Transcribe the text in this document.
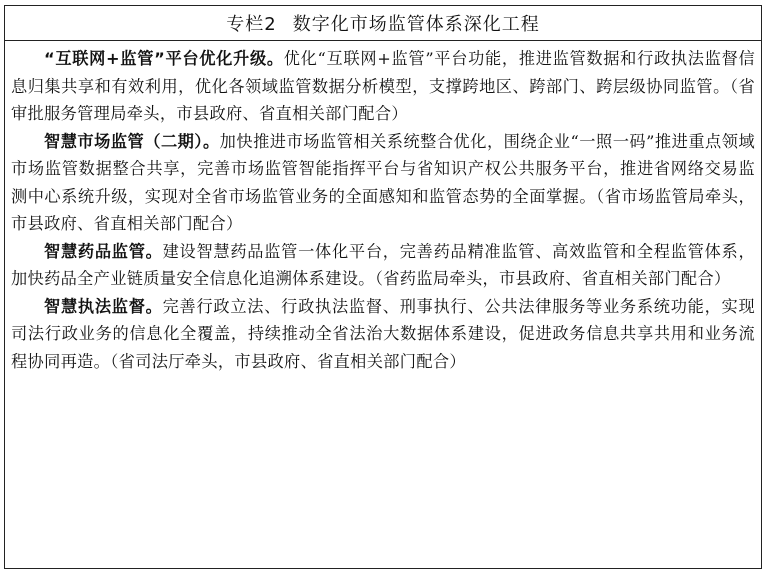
专栏2 数字化市场监管体系深化工程

“互联网+监管”平台优化升级。优化“互联网+监管”平台功能，推进监管数据和行政执法监督信息归集共享和有效利用，优化各领域监管数据分析模型，支撑跨地区、跨部门、跨层级协同监管。（省审批服务管理局牵头，市县政府、省直相关部门配合）

智慧市场监管（二期）。加快推进市场监管相关系统整合优化，围绕企业“一照一码”推进重点领域市场监管数据整合共享，完善市场监管智能指挥平台与省知识产权公共服务平台，推进省网络交易监测中心系统升级，实现对全省市场监管业务的全面感知和监管态势的全面掌握。（省市场监管局牵头，市县政府、省直相关部门配合）

智慧药品监管。建设智慧药品监管一体化平台，完善药品精准监管、高效监管和全程监管体系，加快药品全产业链质量安全信息化追溯体系建设。（省药监局牵头，市县政府、省直相关部门配合）

智慧执法监督。完善行政立法、行政执法监督、刑事执行、公共法律服务等业务系统功能，实现司法行政业务的信息化全覆盖，持续推动全省法治大数据体系建设，促进政务信息共享共用和业务流程协同再造。（省司法厅牵头，市县政府、省直相关部门配合）
